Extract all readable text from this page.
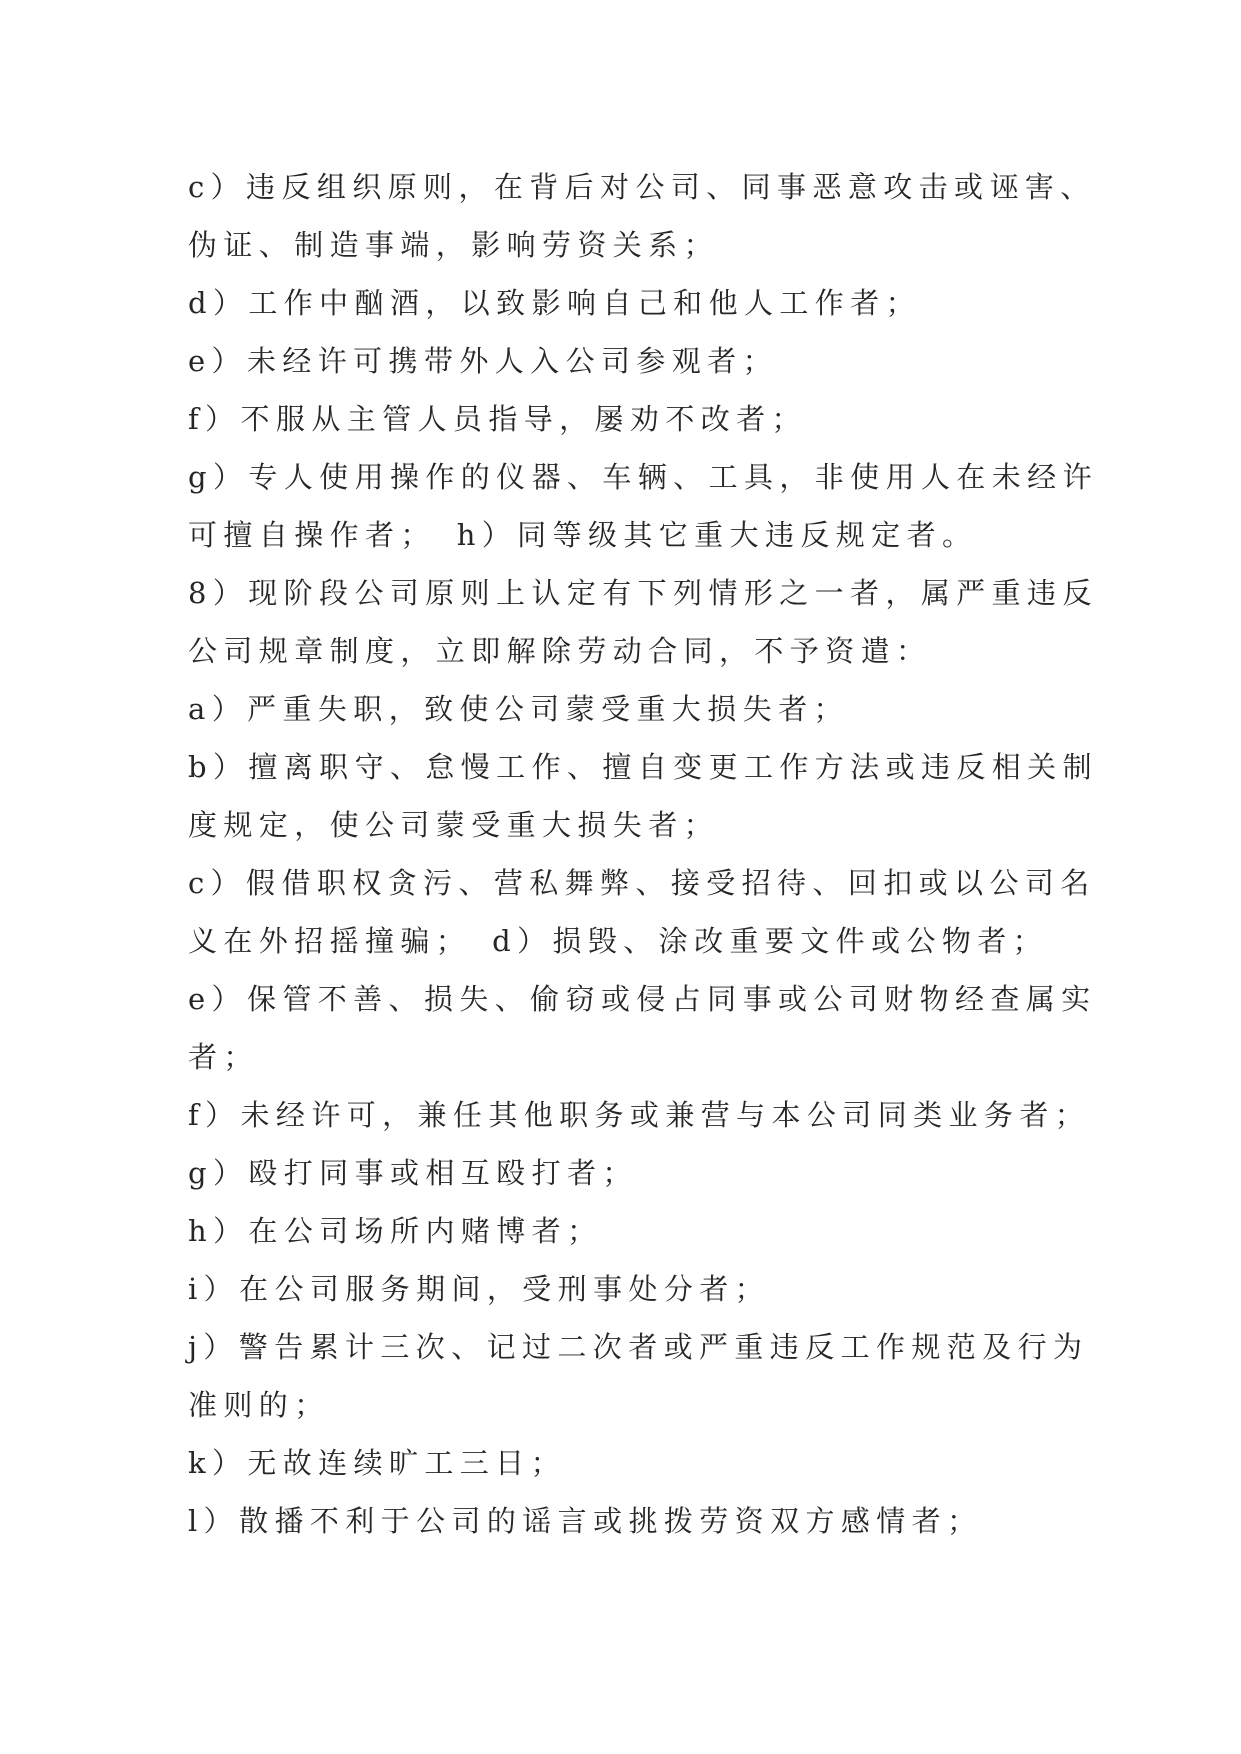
c）违反组织原则，在背后对公司、同事恶意攻击或诬害、
伪证、制造事端，影响劳资关系；
d）工作中酗酒，以致影响自己和他人工作者；
e）未经许可携带外人入公司参观者；
f）不服从主管人员指导，屡劝不改者；
g）专人使用操作的仪器、车辆、工具，非使用人在未经许
可擅自操作者；　h）同等级其它重大违反规定者。
8）现阶段公司原则上认定有下列情形之一者，属严重违反
公司规章制度，立即解除劳动合同，不予资遣：
a）严重失职，致使公司蒙受重大损失者；
b）擅离职守、怠慢工作、擅自变更工作方法或违反相关制
度规定，使公司蒙受重大损失者；
c）假借职权贪污、营私舞弊、接受招待、回扣或以公司名
义在外招摇撞骗；　d）损毁、涂改重要文件或公物者；
e）保管不善、损失、偷窃或侵占同事或公司财物经查属实
者；
f）未经许可，兼任其他职务或兼营与本公司同类业务者；
g）殴打同事或相互殴打者；
h）在公司场所内赌博者；
i）在公司服务期间，受刑事处分者；
j）警告累计三次、记过二次者或严重违反工作规范及行为
准则的；
k）无故连续旷工三日；
l）散播不利于公司的谣言或挑拨劳资双方感情者；
